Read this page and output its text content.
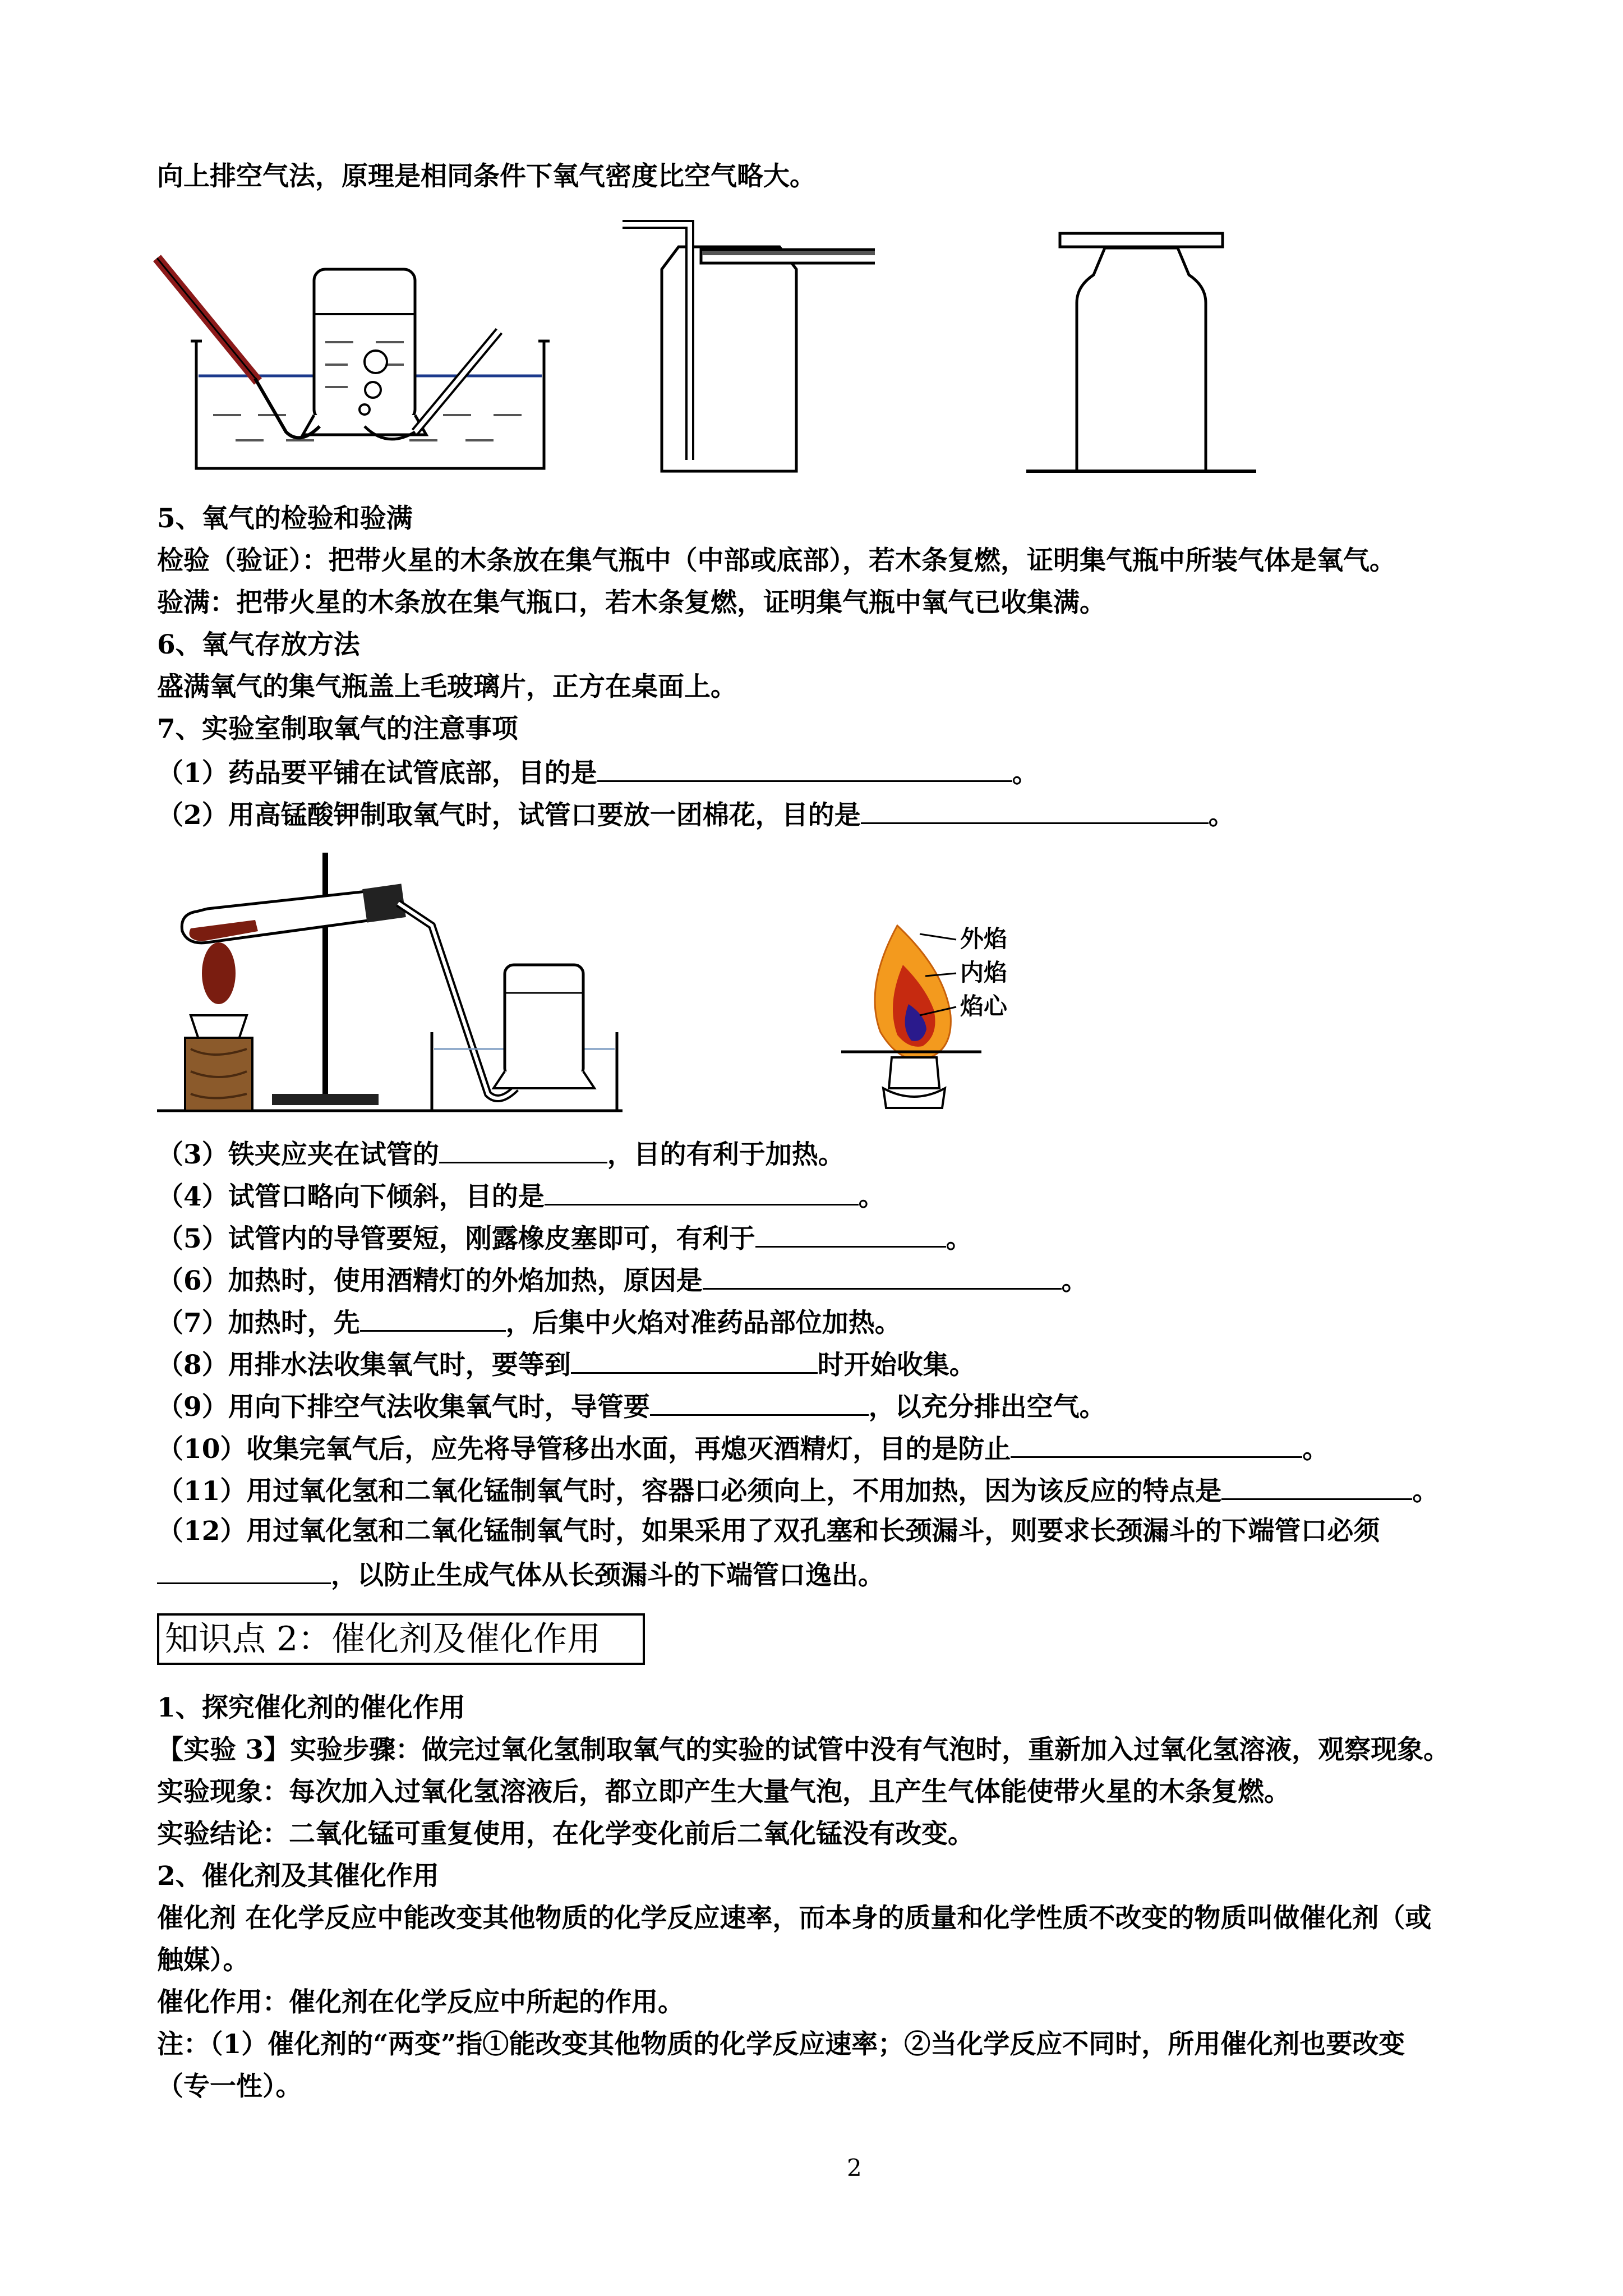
向上排空气法，原理是相同条件下氧气密度比空气略大。
5、氧气的检验和验满
检验（验证）：把带火星的木条放在集气瓶中（中部或底部），若木条复燃，证明集气瓶中所装气体是氧气。
验满：把带火星的木条放在集气瓶口，若木条复燃，证明集气瓶中氧气已收集满。
6、氧气存放方法
盛满氧气的集气瓶盖上毛玻璃片，正方在桌面上。
7、实验室制取氧气的注意事项
（1）药品要平铺在试管底部，目的是	。
（2）用高锰酸钾制取氧气时，试管口要放一团棉花，目的是	。
外焰
内焰
焰心
（3）铁夹应夹在试管的	，目的有利于加热。
（4）试管口略向下倾斜，目的是	。
（5）试管内的导管要短，刚露橡皮塞即可，有利于	。
（6）加热时，使用酒精灯的外焰加热，原因是	。
（7）加热时，先	，后集中火焰对准药品部位加热。
（8）用排水法收集氧气时，要等到	时开始收集。
（9）用向下排空气法收集氧气时，导管要	，以充分排出空气。
（10）收集完氧气后，应先将导管移出水面，再熄灭酒精灯，目的是防止	。
（11）用过氧化氢和二氧化锰制氧气时，容器口必须向上，不用加热，因为该反应的特点是	。
（12）用过氧化氢和二氧化锰制氧气时，如果采用了双孔塞和长颈漏斗，则要求长颈漏斗的下端管口必须
，以防止生成气体从长颈漏斗的下端管口逸出。
知识点 2：催化剂及催化作用
1、探究催化剂的催化作用
【实验 3】实验步骤：做完过氧化氢制取氧气的实验的试管中没有气泡时，重新加入过氧化氢溶液，观察现象。
实验现象：每次加入过氧化氢溶液后，都立即产生大量气泡，且产生气体能使带火星的木条复燃。
实验结论：二氧化锰可重复使用，在化学变化前后二氧化锰没有改变。
2、催化剂及其催化作用
催化剂 在化学反应中能改变其他物质的化学反应速率，而本身的质量和化学性质不改变的物质叫做催化剂（或
触媒）。
催化作用：催化剂在化学反应中所起的作用。
注：（1）催化剂的“两变”指①能改变其他物质的化学反应速率；②当化学反应不同时，所用催化剂也要改变
（专一性）。
2
